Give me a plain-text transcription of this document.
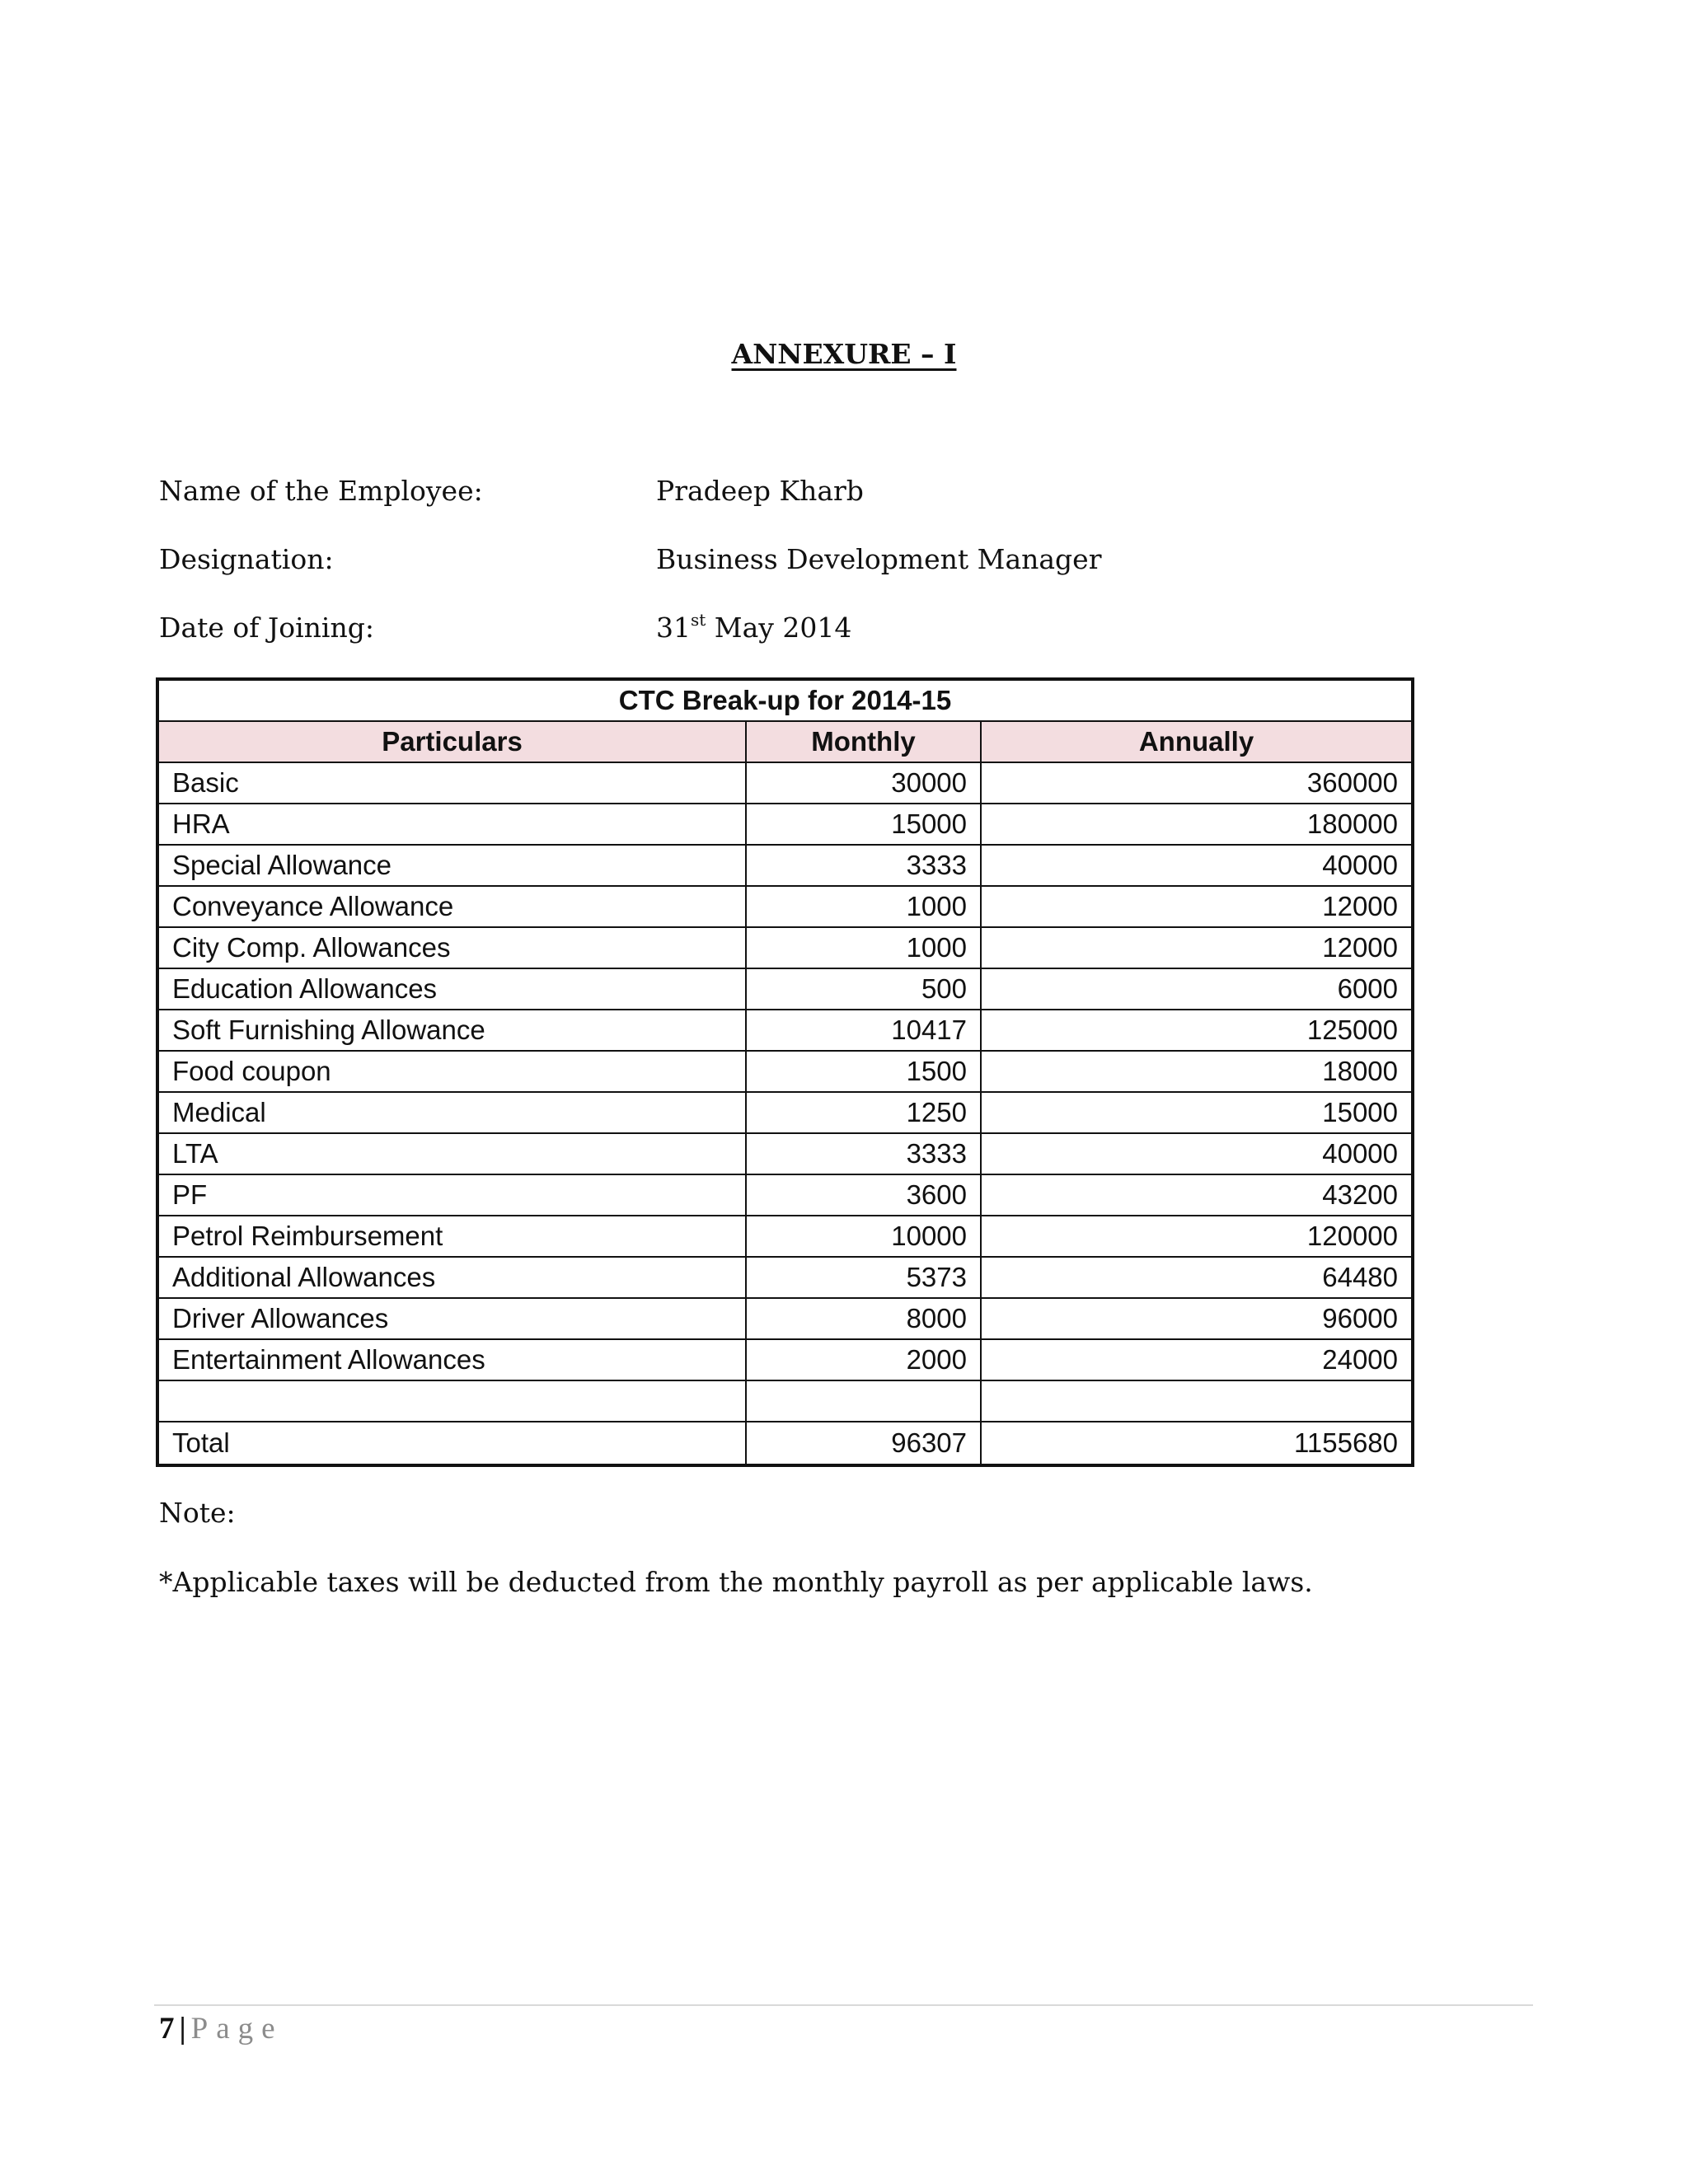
ANNEXURE – I
Name of the Employee:	Pradeep Kharb
Designation:	Business Development Manager
Date of Joining:	31st May 2014
CTC Break-up for 2014-15		
Particulars	Monthly	Annually
Basic	30000	360000
HRA	15000	180000
Special Allowance	3333	40000
Conveyance Allowance	1000	12000
City Comp. Allowances	1000	12000
Education Allowances	500	6000
Soft Furnishing Allowance	10417	125000
Food coupon	1500	18000
Medical	1250	15000
LTA	3333	40000
PF	3600	43200
Petrol Reimbursement	10000	120000
Additional Allowances	5373	64480
Driver Allowances	8000	96000
Entertainment Allowances	2000	24000

Total	96307	1155680
Note:
*Applicable taxes will be deducted from the monthly payroll as per applicable laws.
7 | Page
